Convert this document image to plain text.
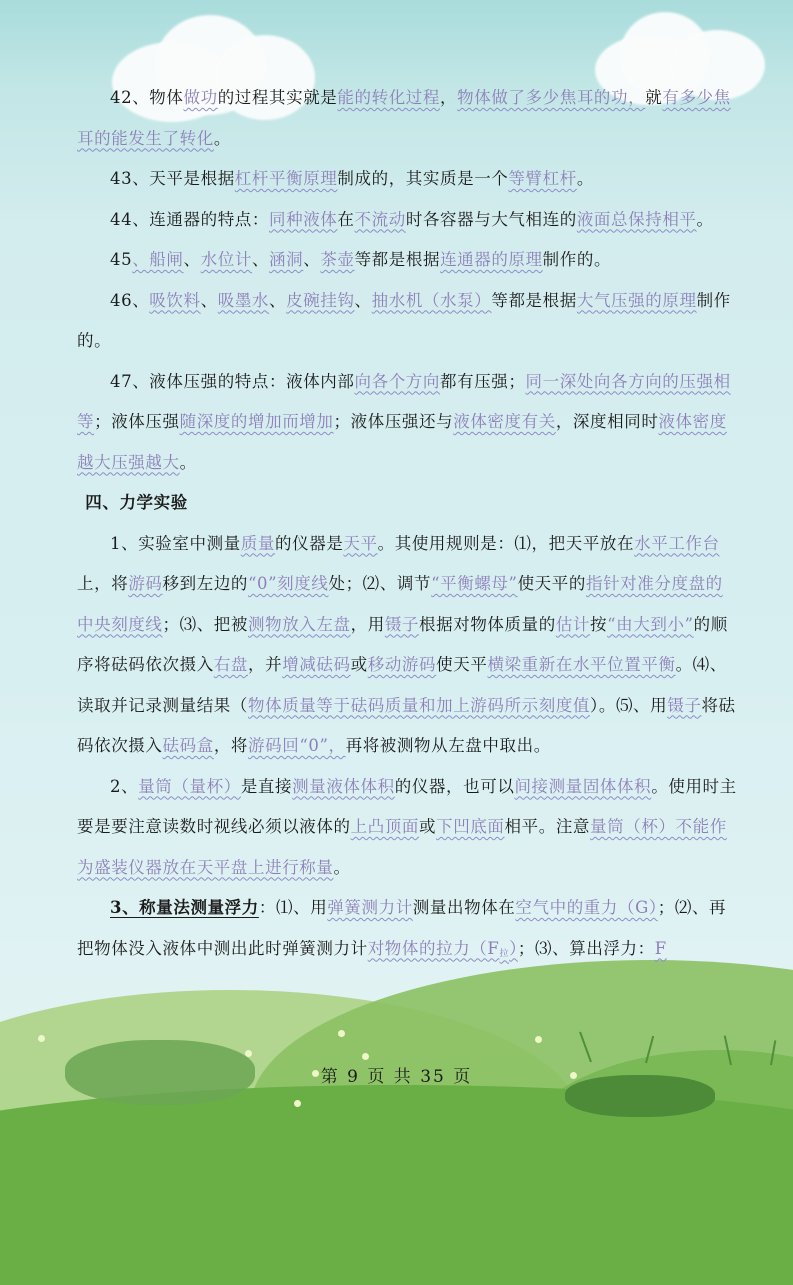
42、物体做功的过程其实就是能的转化过程，物体做了多少焦耳的功，就有多少焦耳的能发生了转化。

43、天平是根据杠杆平衡原理制成的，其实质是一个等臂杠杆。

44、连通器的特点：同种液体在不流动时各容器与大气相连的液面总保持相平。

45、船闸、水位计、涵洞、茶壶等都是根据连通器的原理制作的。

46、吸饮料、吸墨水、皮碗挂钩、抽水机（水泵）等都是根据大气压强的原理制作的。

47、液体压强的特点：液体内部向各个方向都有压强；同一深处向各方向的压强相等；液体压强随深度的增加而增加；液体压强还与液体密度有关，深度相同时液体密度越大压强越大。

四、力学实验

1、实验室中测量质量的仪器是天平。其使用规则是：⑴，把天平放在水平工作台上，将游码移到左边的“0”刻度线处；⑵、调节“平衡螺母”使天平的指针对准分度盘的中央刻度线；⑶、把被测物放入左盘，用镊子根据对物体质量的估计按“由大到小”的顺序将砝码依次摄入右盘，并增减砝码或移动游码使天平横梁重新在水平位置平衡。⑷、读取并记录测量结果（物体质量等于砝码质量和加上游码所示刻度值）。⑸、用镊子将砝码依次摄入砝码盒，将游码回“0”，再将被测物从左盘中取出。

2、量筒（量杯）是直接测量液体体积的仪器，也可以间接测量固体体积。使用时主要是要注意读数时视线必须以液体的上凸顶面或下凹底面相平。注意量筒（杯）不能作为盛装仪器放在天平盘上进行称量。

3、称量法测量浮力：⑴、用弹簧测力计测量出物体在空气中的重力（G）；⑵、再把物体没入液体中测出此时弹簧测力计对物体的拉力$(F_拉)$；⑶、算出浮力：F

第 9 页 共 35 页
